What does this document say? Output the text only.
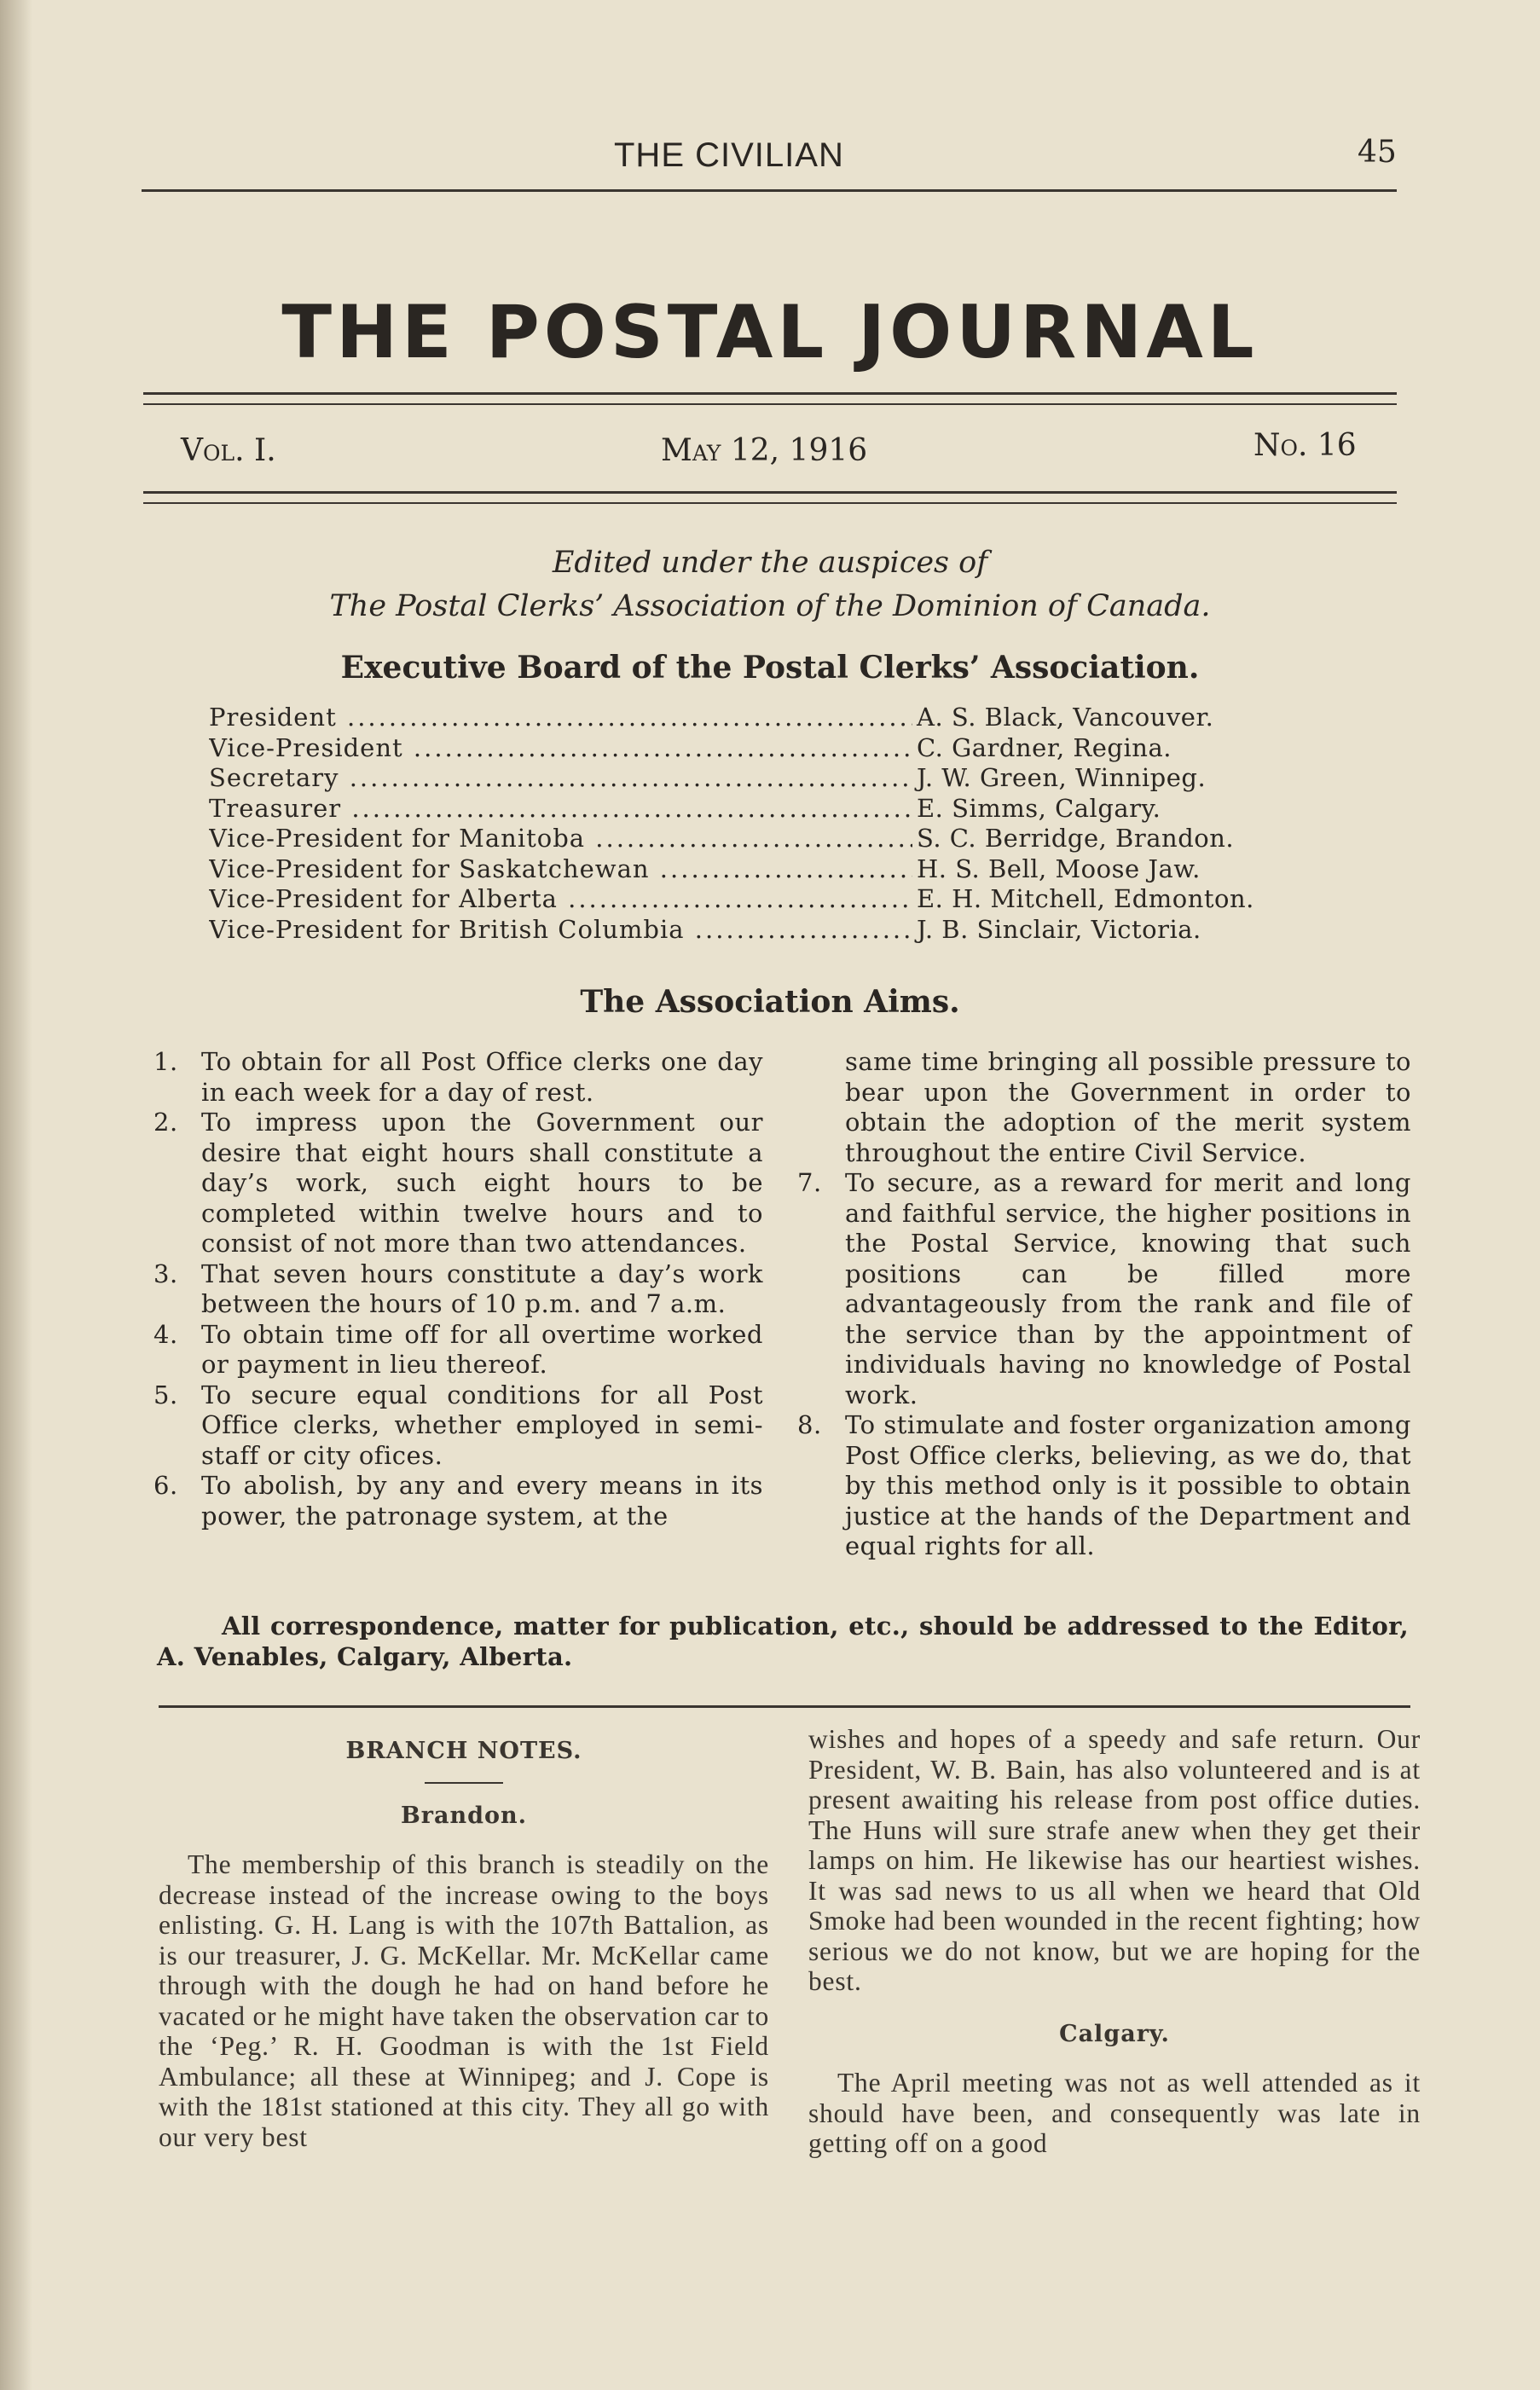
THE CIVILIAN	45
THE POSTAL JOURNAL
Vol. I.	May 12, 1916	No. 16
Edited under the auspices of
The Postal Clerks’ Association of the Dominion of Canada.
Executive Board of the Postal Clerks’ Association.
President .....	A. S. Black, Vancouver.
Vice-President .....	C. Gardner, Regina.
Secretary .....	J. W. Green, Winnipeg.
Treasurer .....	E. Simms, Calgary.
Vice-President for Manitoba .....	S. C. Berridge, Brandon.
Vice-President for Saskatchewan .....	H. S. Bell, Moose Jaw.
Vice-President for Alberta .....	E. H. Mitchell, Edmonton.
Vice-President for British Columbia .....	J. B. Sinclair, Victoria.
The Association Aims.
1. To obtain for all Post Office clerks one day in each week for a day of rest.
2. To impress upon the Government our desire that eight hours shall constitute a day’s work, such eight hours to be completed within twelve hours and to consist of not more than two attendances.
3. That seven hours constitute a day’s work between the hours of 10 p.m. and 7 a.m.
4. To obtain time off for all overtime worked or payment in lieu thereof.
5. To secure equal conditions for all Post Office clerks, whether employed in semi-staff or city ofices.
6. To abolish, by any and every means in its power, the patronage system, at the
same time bringing all possible pressure to bear upon the Government in order to obtain the adoption of the merit system throughout the entire Civil Service.
7. To secure, as a reward for merit and long and faithful service, the higher positions in the Postal Service, knowing that such positions can be filled more advantageously from the rank and file of the service than by the appointment of individuals having no knowledge of Postal work.
8. To stimulate and foster organization among Post Office clerks, believing, as we do, that by this method only is it possible to obtain justice at the hands of the Department and equal rights for all.
All correspondence, matter for publication, etc., should be addressed to the Editor, A. Venables, Calgary, Alberta.
BRANCH NOTES.
Brandon.

The membership of this branch is steadily on the decrease instead of the increase owing to the boys enlisting. G. H. Lang is with the 107th Battalion, as is our treasurer, J. G. McKellar. Mr. McKellar came through with the dough he had on hand before he vacated or he might have taken the observation car to the ‘Peg.’ R. H. Goodman is with the 1st Field Ambulance; all these at Winnipeg; and J. Cope is with the 181st stationed at this city. They all go with our very best

wishes and hopes of a speedy and safe return. Our President, W. B. Bain, has also volunteered and is at present awaiting his release from post office duties. The Huns will sure strafe anew when they get their lamps on him. He likewise has our heartiest wishes. It was sad news to us all when we heard that Old Smoke had been wounded in the recent fighting; how serious we do not know, but we are hoping for the best.

Calgary.

The April meeting was not as well attended as it should have been, and consequently was late in getting off on a good
